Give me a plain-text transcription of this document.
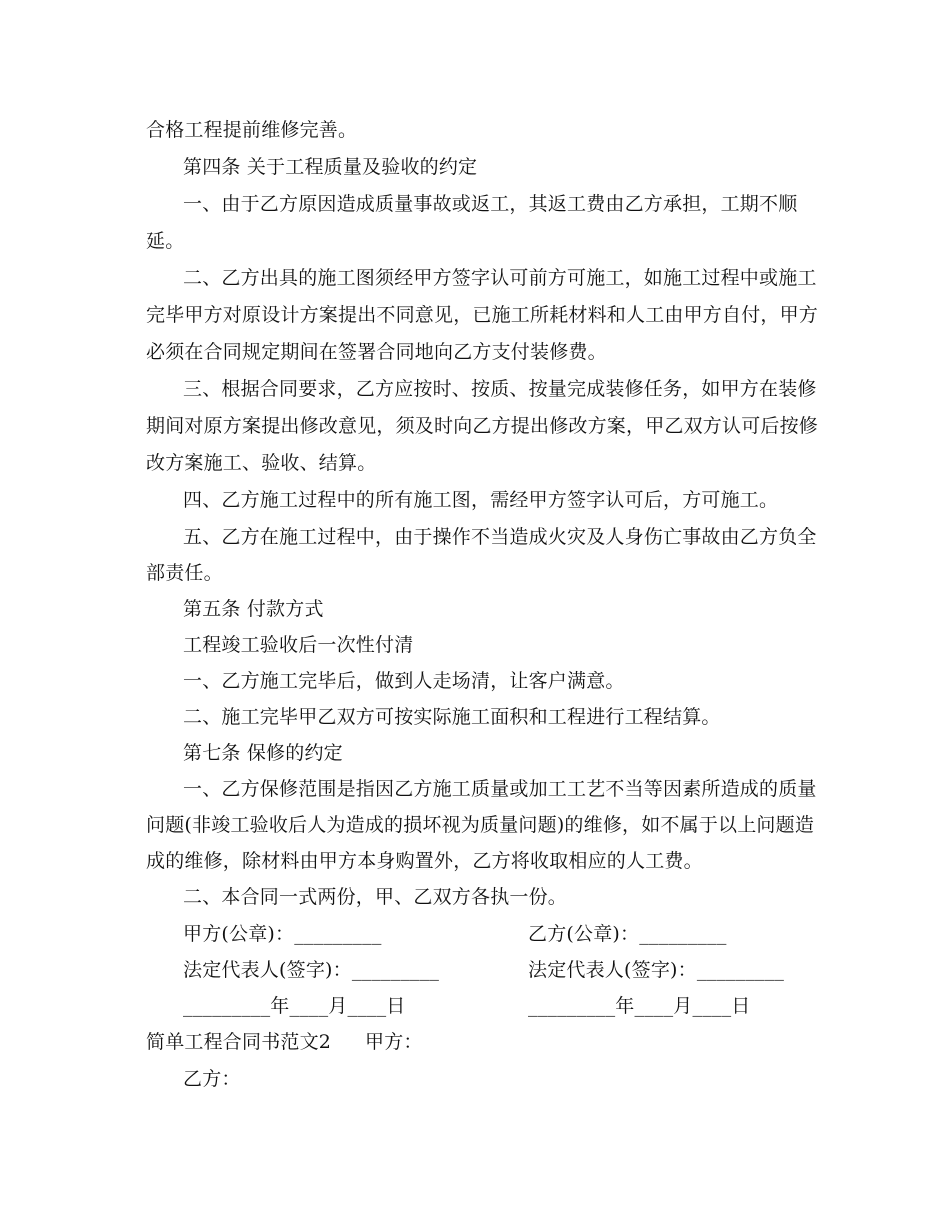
合格工程提前维修完善。
第四条 关于工程质量及验收的约定
一、由于乙方原因造成质量事故或返工，其返工费由乙方承担，工期不顺
延。
二、乙方出具的施工图须经甲方签字认可前方可施工，如施工过程中或施工
完毕甲方对原设计方案提出不同意见，已施工所耗材料和人工由甲方自付，甲方
必须在合同规定期间在签署合同地向乙方支付装修费。
三、根据合同要求，乙方应按时、按质、按量完成装修任务，如甲方在装修
期间对原方案提出修改意见，须及时向乙方提出修改方案，甲乙双方认可后按修
改方案施工、验收、结算。
四、乙方施工过程中的所有施工图，需经甲方签字认可后，方可施工。
五、乙方在施工过程中，由于操作不当造成火灾及人身伤亡事故由乙方负全
部责任。
第五条 付款方式
工程竣工验收后一次性付清
一、乙方施工完毕后，做到人走场清，让客户满意。
二、施工完毕甲乙双方可按实际施工面积和工程进行工程结算。
第七条 保修的约定
一、乙方保修范围是指因乙方施工质量或加工工艺不当等因素所造成的质量
问题(非竣工验收后人为造成的损坏视为质量问题)的维修，如不属于以上问题造
成的维修，除材料由甲方本身购置外，乙方将收取相应的人工费。
二、本合同一式两份，甲、乙双方各执一份。
甲方(公章)：_________	乙方(公章)：_________
法定代表人(签字)：_________	法定代表人(签字)：_________
_________年____月____日	_________年____月____日
简单工程合同书范文2 甲方：
乙方：
